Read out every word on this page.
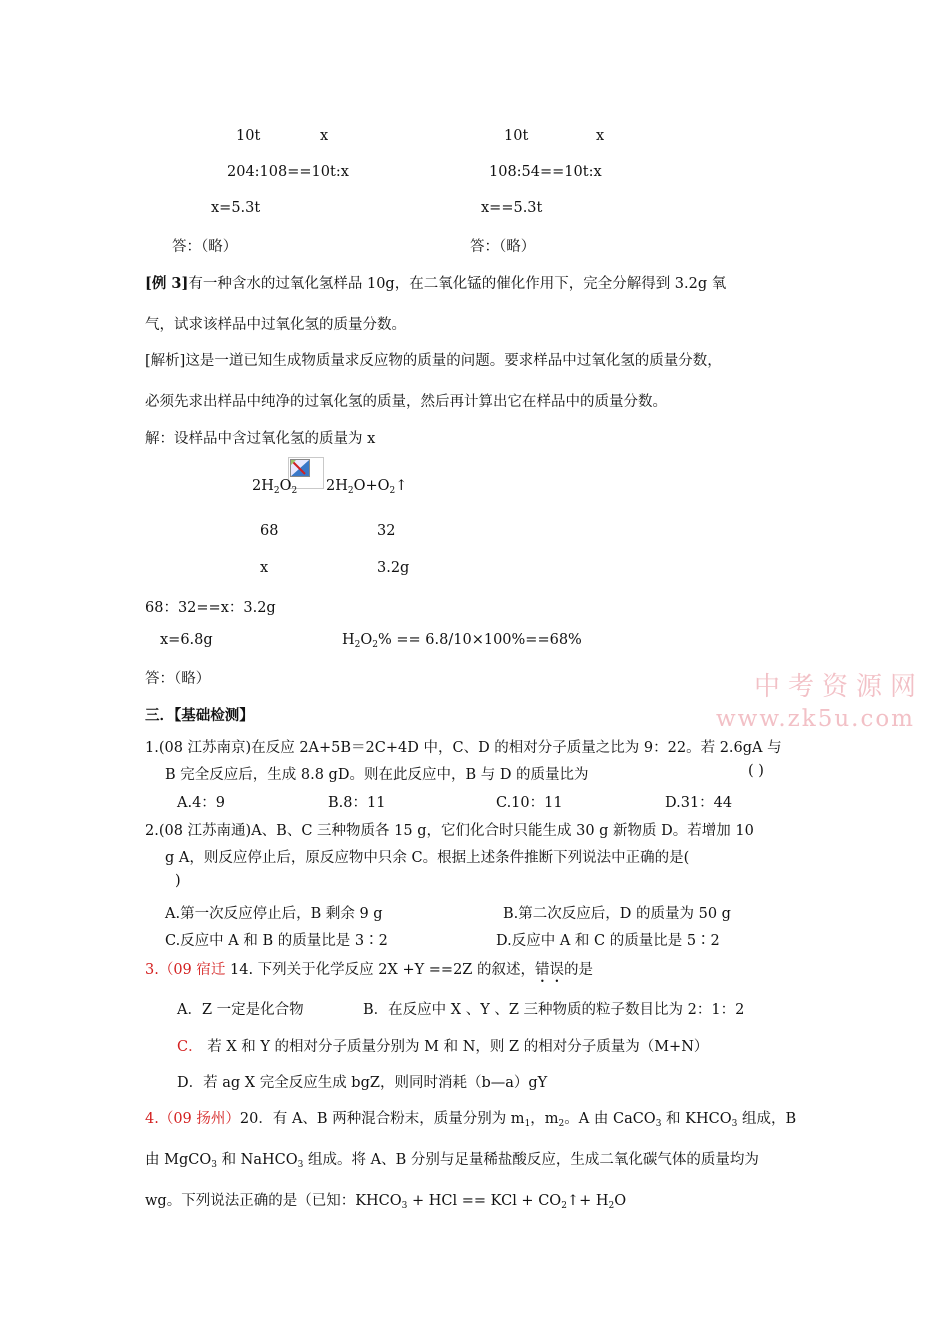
10t	x
204:108==10t:x
x=5.3t
答：（略）
10t	x
108:54==10t:x
x==5.3t
答：（略）
[例 3]有一种含水的过氧化氢样品 10g，在二氧化锰的催化作用下，完全分解得到 3.2g 氧
气，试求该样品中过氧化氢的质量分数。
[解析]这是一道已知生成物质量求反应物的质量的问题。要求样品中过氧化氢的质量分数，
必须先求出样品中纯净的过氧化氢的质量，然后再计算出它在样品中的质量分数。
解：设样品中含过氧化氢的质量为 x
$2H_2O_2$ $2H_2O+O_2↑$
68	32
x	3.2g
68：32==x：3.2g
x=6.8g	$H_2O_2\% == 6.8/10\times 100\%==68\%$
答：（略）
三．【基础检测】
1.(08 江苏南京)在反应 2A+5B＝2C+4D 中，C、D 的相对分子质量之比为 9：22。若 2.6gA 与
B 完全反应后，生成 8.8 gD。则在此反应中，B 与 D 的质量比为	( )
A.4：9	B.8：11	C.10：11	D.31：44
2.(08 江苏南通)A、B、C 三种物质各 15 g，它们化合时只能生成 30 g 新物质 D。若增加 10
g A，则反应停止后，原反应物中只余 C。根据上述条件推断下列说法中正确的是(
)
A.第一次反应停止后，B 剩余 9 g	B.第二次反应后，D 的质量为 50 g
C.反应中 A 和 B 的质量比是 3∶2	D.反应中 A 和 C 的质量比是 5∶2
3.（09 宿迁 14. 下列关于化学反应 2X +Y ==2Z 的叙述，错误的是
A．Z 一定是化合物	B．在反应中 X 、Y 、Z 三种物质的粒子数目比为 2：1：2
C． 若 X 和 Y 的相对分子质量分别为 M 和 N，则 Z 的相对分子质量为（M+N）
D．若 ag X 完全反应生成 bgZ，则同时消耗（b—a）gY
4.（09 扬州）20．有 A、B 两种混合粉末，质量分别为 $m_1$，$m_2$。A 由 CaCO$_3$ 和 $KHCO_3$ 组成，B
由 MgCO$_3$ 和 NaHCO$_3$ 组成。将 A、B 分别与足量稀盐酸反应，生成二氧化碳气体的质量均为
wg。下列说法正确的是（已知：$KHCO_3$ + HCl == KCl + $CO_2↑+ H_2O$
中考资源网
www.zk5u.com
